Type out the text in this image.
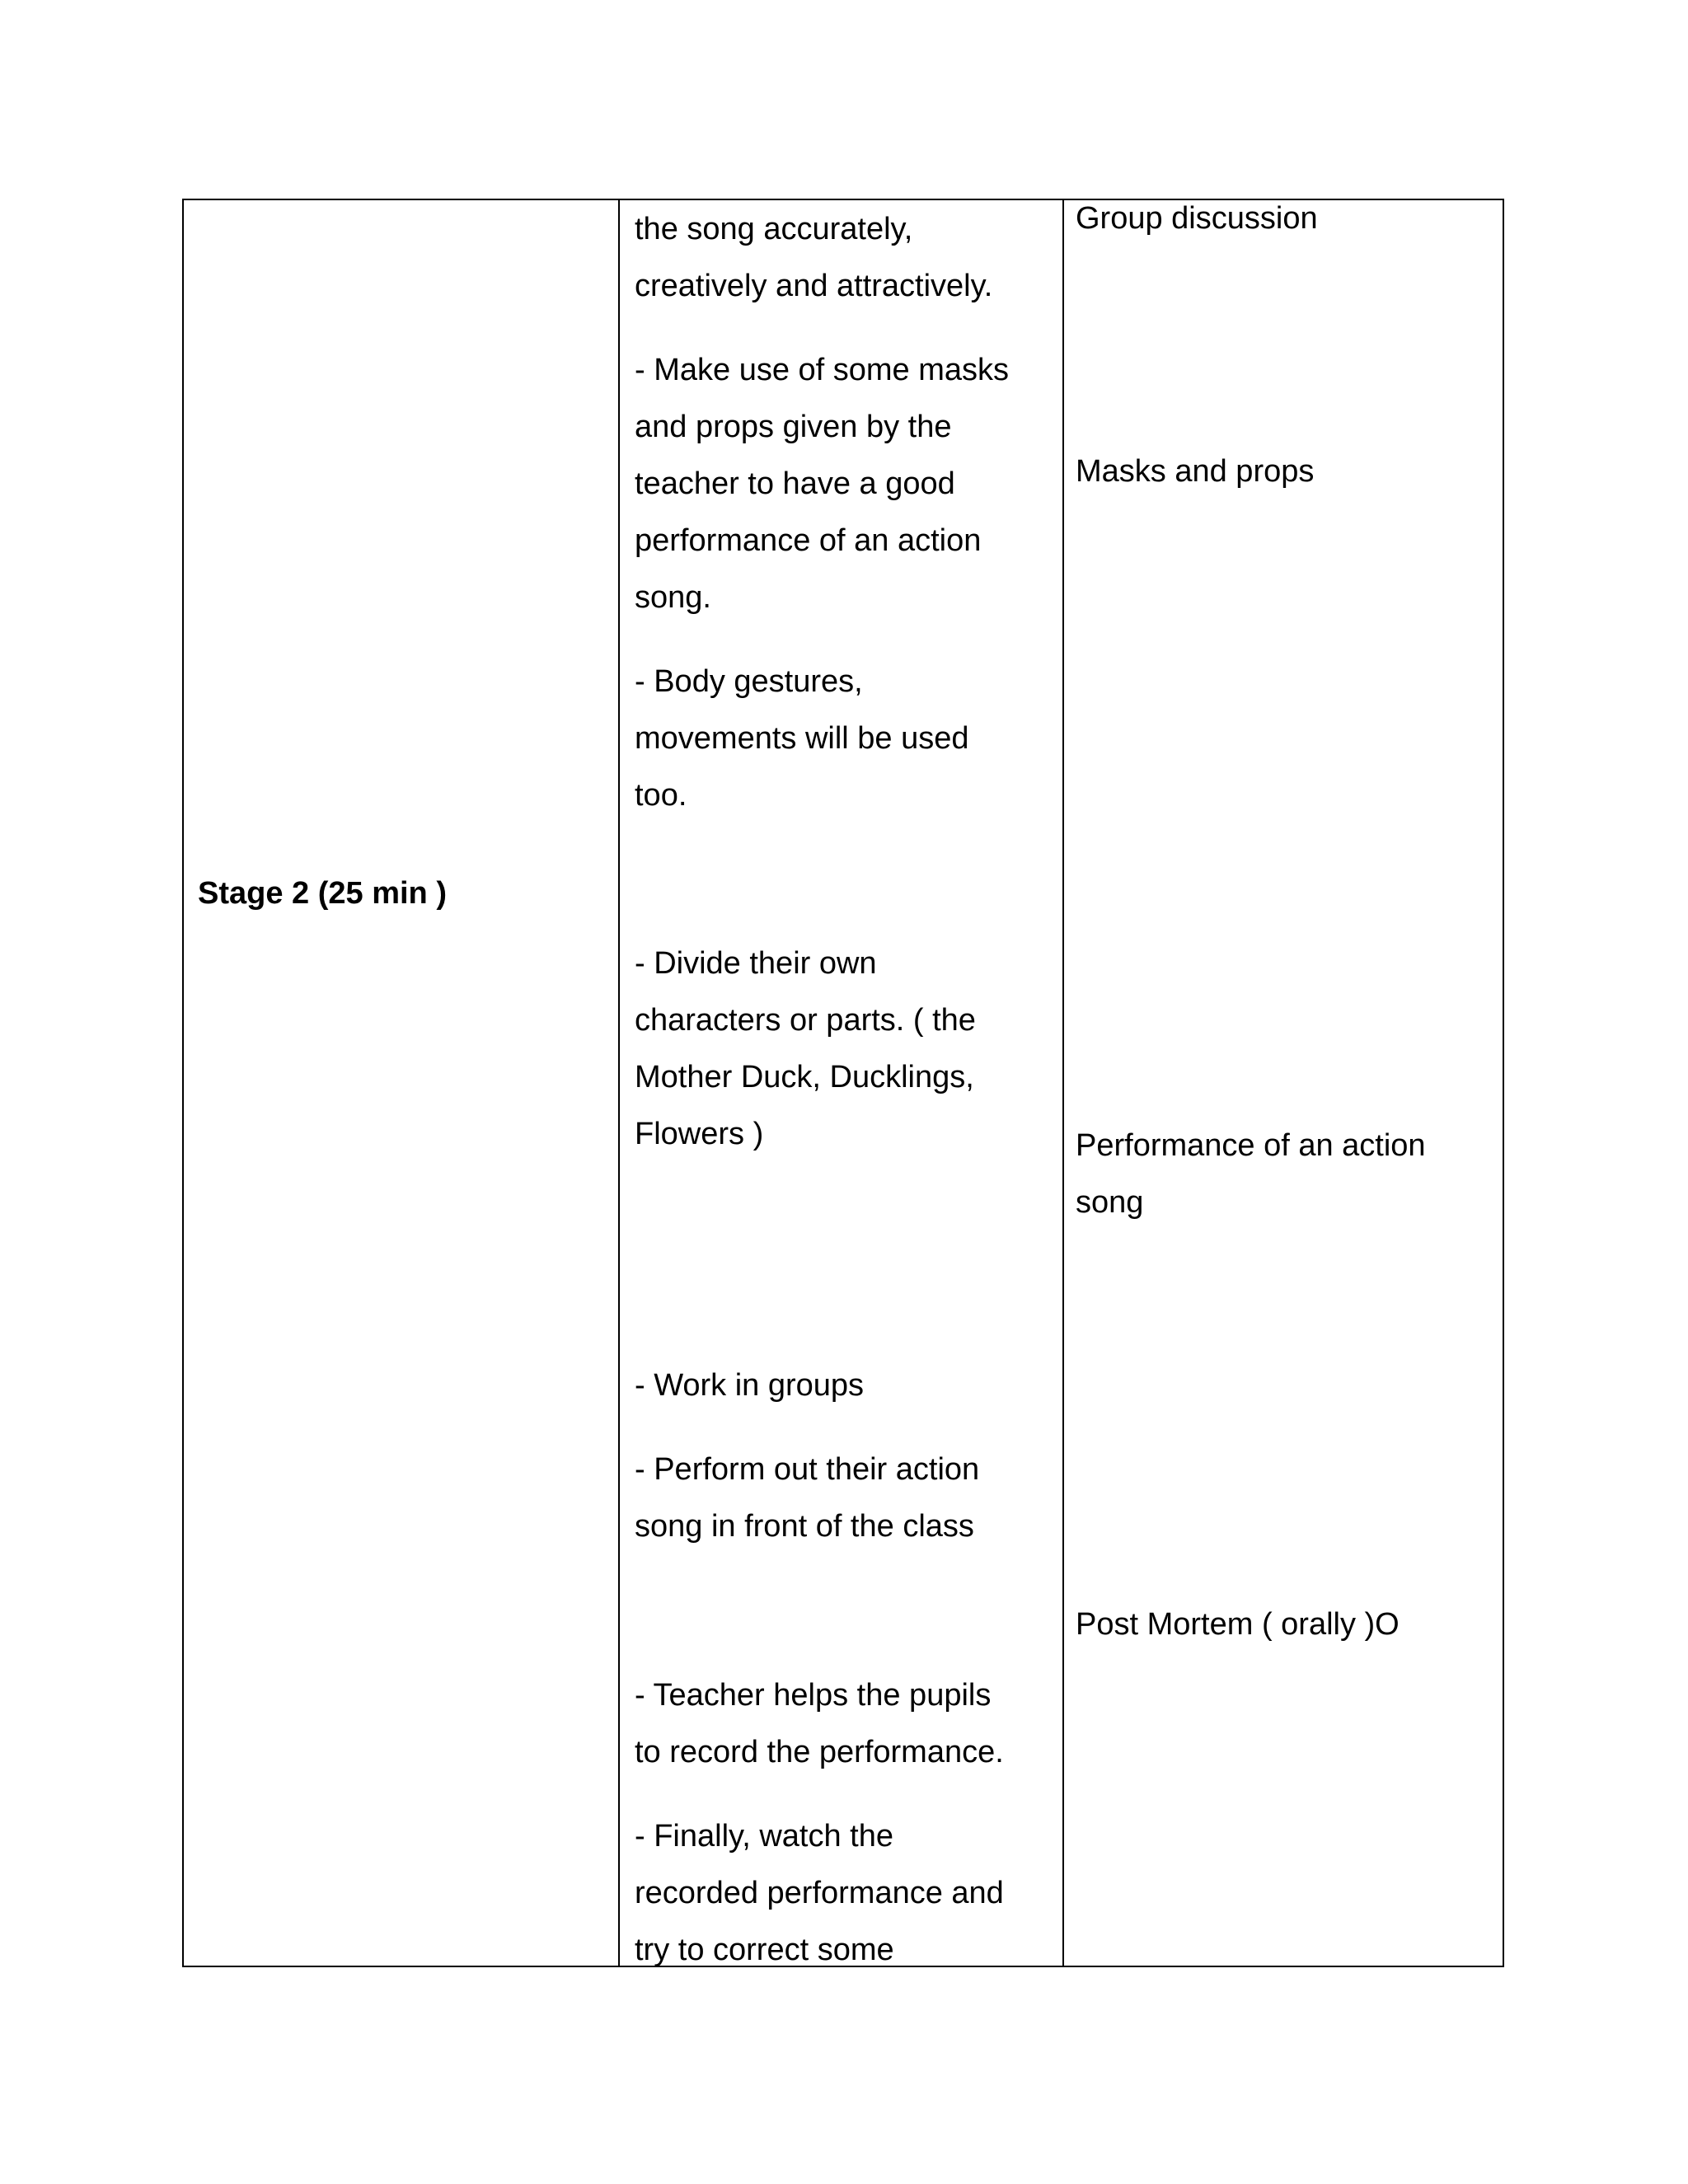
Stage 2 (25 min )

the song accurately,

creatively and attractively.

- Make use of some masks

and props given by the

teacher to have a good

performance of an action

song.

- Body gestures,

movements will be used

too.

- Divide their own

characters or parts. ( the

Mother Duck, Ducklings,

Flowers )

- Work in groups

- Perform out their action

song in front of the class

- Teacher helps the pupils

to record the performance.

- Finally, watch the

recorded performance and

try to correct some

Group discussion

Masks and props

Performance of an action

song

Post Mortem ( orally )O
